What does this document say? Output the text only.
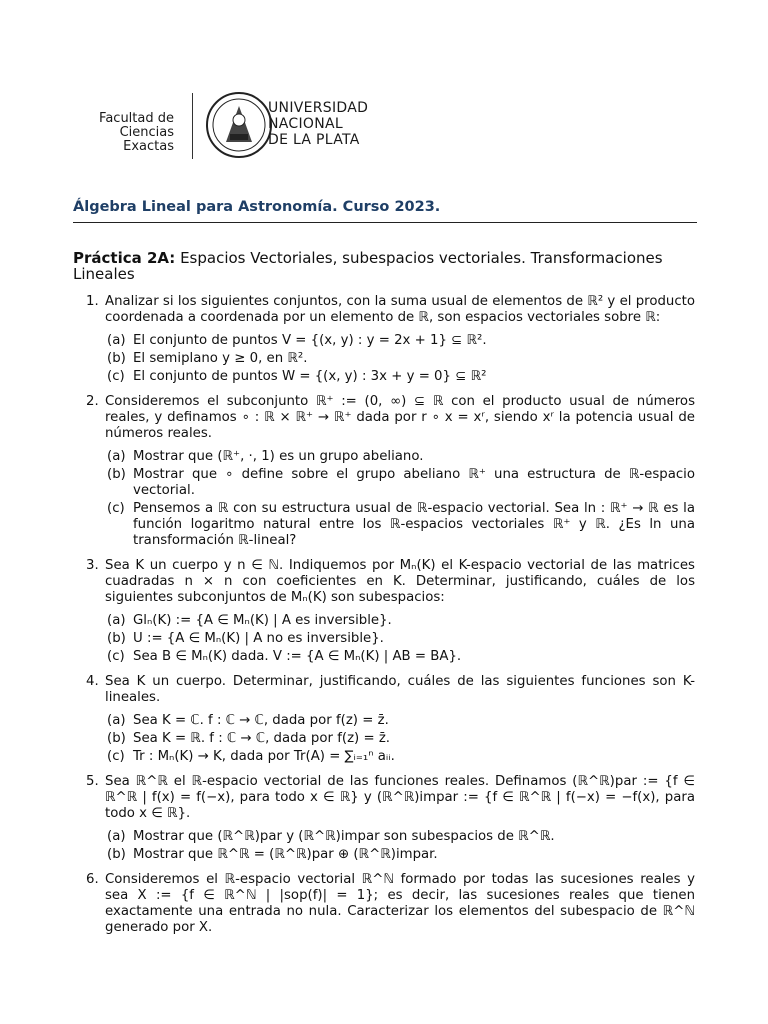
Facultad de
Ciencias Exactas
UNIVERSIDAD
NACIONAL
DE LA PLATA
Álgebra Lineal para Astronomía. Curso 2023.
Práctica 2A: Espacios Vectoriales, subespacios vectoriales. Transformaciones Lineales
1. Analizar si los siguientes conjuntos, con la suma usual de elementos de ℝ² y el producto coordenada a coordenada por un elemento de ℝ, son espacios vectoriales sobre ℝ:
(a) El conjunto de puntos V = {(x, y) : y = 2x + 1} ⊆ ℝ².
(b) El semiplano y ≥ 0, en ℝ².
(c) El conjunto de puntos W = {(x, y) : 3x + y = 0} ⊆ ℝ²
2. Consideremos el subconjunto ℝ⁺ := (0, ∞) ⊆ ℝ con el producto usual de números reales, y definamos ∘ : ℝ × ℝ⁺ → ℝ⁺ dada por r ∘ x = xʳ, siendo xʳ la potencia usual de números reales.
(a) Mostrar que (ℝ⁺, ·, 1) es un grupo abeliano.
(b) Mostrar que ∘ define sobre el grupo abeliano ℝ⁺ una estructura de ℝ-espacio vectorial.
(c) Pensemos a ℝ con su estructura usual de ℝ-espacio vectorial. Sea ln : ℝ⁺ → ℝ es la función logaritmo natural entre los ℝ-espacios vectoriales ℝ⁺ y ℝ. ¿Es ln una transformación ℝ-lineal?
3. Sea K un cuerpo y n ∈ ℕ. Indiquemos por Mₙ(K) el K-espacio vectorial de las matrices cuadradas n × n con coeficientes en K. Determinar, justificando, cuáles de los siguientes subconjuntos de Mₙ(K) son subespacios:
(a) Glₙ(K) := {A ∈ Mₙ(K) | A es inversible}.
(b) U := {A ∈ Mₙ(K) | A no es inversible}.
(c) Sea B ∈ Mₙ(K) dada. V := {A ∈ Mₙ(K) | AB = BA}.
4. Sea K un cuerpo. Determinar, justificando, cuáles de las siguientes funciones son K-lineales.
(a) Sea K = ℂ. f : ℂ → ℂ, dada por f(z) = z̄.
(b) Sea K = ℝ. f : ℂ → ℂ, dada por f(z) = z̄.
(c) Tr : Mₙ(K) → K, dada por Tr(A) = ∑ᵢ₌₁ⁿ aᵢᵢ.
5. Sea ℝ^ℝ el ℝ-espacio vectorial de las funciones reales. Definamos (ℝ^ℝ)par := {f ∈ ℝ^ℝ | f(x) = f(−x), para todo x ∈ ℝ} y (ℝ^ℝ)impar := {f ∈ ℝ^ℝ | f(−x) = −f(x), para todo x ∈ ℝ}.
(a) Mostrar que (ℝ^ℝ)par y (ℝ^ℝ)impar son subespacios de ℝ^ℝ.
(b) Mostrar que ℝ^ℝ = (ℝ^ℝ)par ⊕ (ℝ^ℝ)impar.
6. Consideremos el ℝ-espacio vectorial ℝ^ℕ formado por todas las sucesiones reales y sea X := {f ∈ ℝ^ℕ | |sop(f)| = 1}; es decir, las sucesiones reales que tienen exactamente una entrada no nula. Caracterizar los elementos del subespacio de ℝ^ℕ generado por X.
